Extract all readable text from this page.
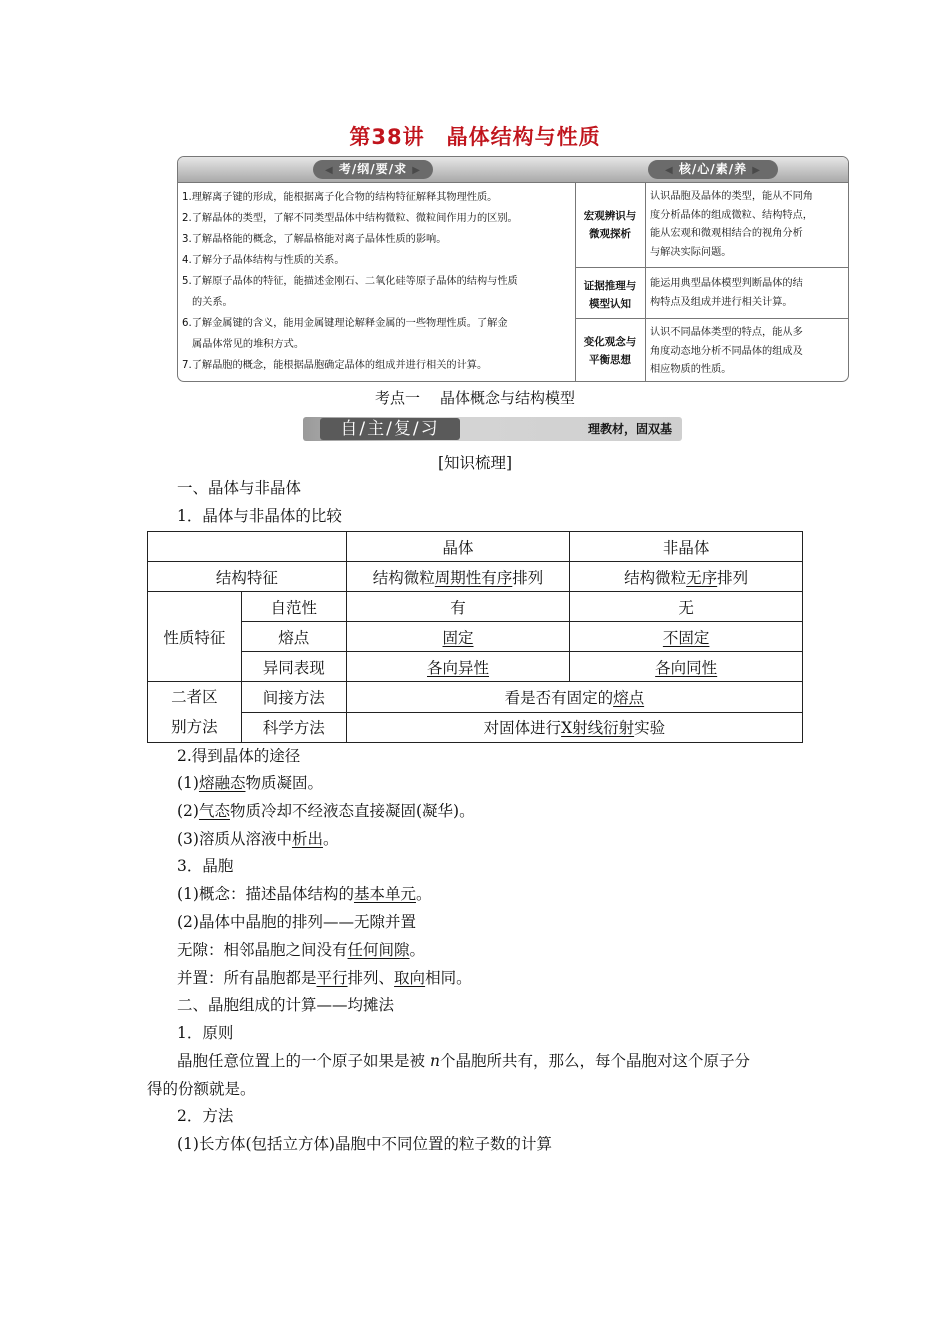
第38讲 晶体结构与性质
◀ 考/纲/要/求 ▶	◀ 核/心/素/养 ▶
1.理解离子键的形成，能根据离子化合物的结构特征解释其物理性质。
2.了解晶体的类型，了解不同类型晶体中结构微粒、微粒间作用力的区别。
3.了解晶格能的概念，了解晶格能对离子晶体性质的影响。
4.了解分子晶体结构与性质的关系。
5.了解原子晶体的特征，能描述金刚石、二氧化硅等原子晶体的结构与性质
的关系。
6.了解金属键的含义，能用金属键理论解释金属的一些物理性质。了解金
属晶体常见的堆积方式。
7.了解晶胞的概念，能根据晶胞确定晶体的组成并进行相关的计算。
宏观辨识与
微观探析
认识晶胞及晶体的类型，能从不同角
度分析晶体的组成微粒、结构特点，
能从宏观和微观相结合的视角分析
与解决实际问题。
证据推理与
模型认知
能运用典型晶体模型判断晶体的结
构特点及组成并进行相关计算。
变化观念与
平衡思想
认识不同晶体类型的特点，能从多
角度动态地分析不同晶体的组成及
相应物质的性质。
考点一 晶体概念与结构模型
自/主/复/习	理教材，固双基
[知识梳理]
一、晶体与非晶体
1．晶体与非晶体的比较
		晶体	非晶体
结构特征		结构微粒周期性有序排列	结构微粒无序排列
性质特征	自范性	有	无
	熔点	固定	不固定
	异同表现	各向异性	各向同性

二者区
别方法	间接方法	看是否有固定的熔点	
	科学方法	对固体进行X射线衍射实验	
2.得到晶体的途径
(1)熔融态物质凝固。
(2)气态物质冷却不经液态直接凝固(凝华)。
(3)溶质从溶液中析出。
3．晶胞
(1)概念：描述晶体结构的基本单元。
(2)晶体中晶胞的排列——无隙并置
无隙：相邻晶胞之间没有任何间隙。
并置：所有晶胞都是平行排列、取向相同。
二、晶胞组成的计算——均摊法
1．原则
晶胞任意位置上的一个原子如果是被 n个晶胞所共有，那么，每个晶胞对这个原子分
得的份额就是。
2．方法
(1)长方体(包括立方体)晶胞中不同位置的粒子数的计算
